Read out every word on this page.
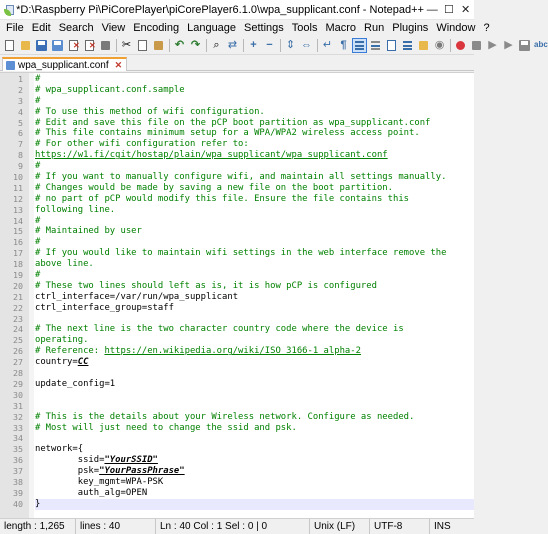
*D:\Raspberry Pi\PiCorePlayer\piCorePlayer6.1.0\wpa_supplicant.conf - Notepad++ — ☐ ✕
File Edit Search View Encoding Language Settings Tools Macro Run Plugins Window ?
✕ ✕ ✂	↶ ↷	⌕ ⇄ + − ⇕ ⇔ ↵ ¶	◉	▶ ▶	abc
wpa_supplicant.conf ✕
1
2
3
4
5
6
7
8
9
10
11
12
13
14
15
16
17
18
19
20
21
22
23
24
25
26
27
28
29
30
31
32
33
34
35
36
37
38
39
40
#
# wpa_supplicant.conf.sample
#
# To use this method of wifi configuration.
# Edit and save this file on the pCP boot partition as wpa_supplicant.conf
# This file contains minimum setup for a WPA/WPA2 wireless access point.
# For other wifi configuration refer to:
https://w1.fi/cgit/hostap/plain/wpa_supplicant/wpa_supplicant.conf
#
# If you want to manually configure wifi, and maintain all settings manually.
# Changes would be made by saving a new file on the boot partition.
# no part of pCP would modify this file. Ensure the file contains this
following line.
#
# Maintained by user
#
# If you would like to maintain wifi settings in the web interface remove the
above line.
#
# These two lines should left as is, it is how pCP is configured
ctrl_interface=/var/run/wpa_supplicant
ctrl_interface_group=staff
# The next line is the two character country code where the device is
operating.
# Reference: https://en.wikipedia.org/wiki/ISO_3166-1_alpha-2
country=CC
update_config=1
# This is the details about your Wireless network. Configure as needed.
# Most will just need to change the ssid and psk.
network={
ssid="YourSSID"
psk="YourPassPhrase"
key_mgmt=WPA-PSK
auth_alg=OPEN
}
length : 1,265	lines : 40	Ln : 40 Col : 1 Sel : 0 | 0	Unix (LF)	UTF-8	INS
